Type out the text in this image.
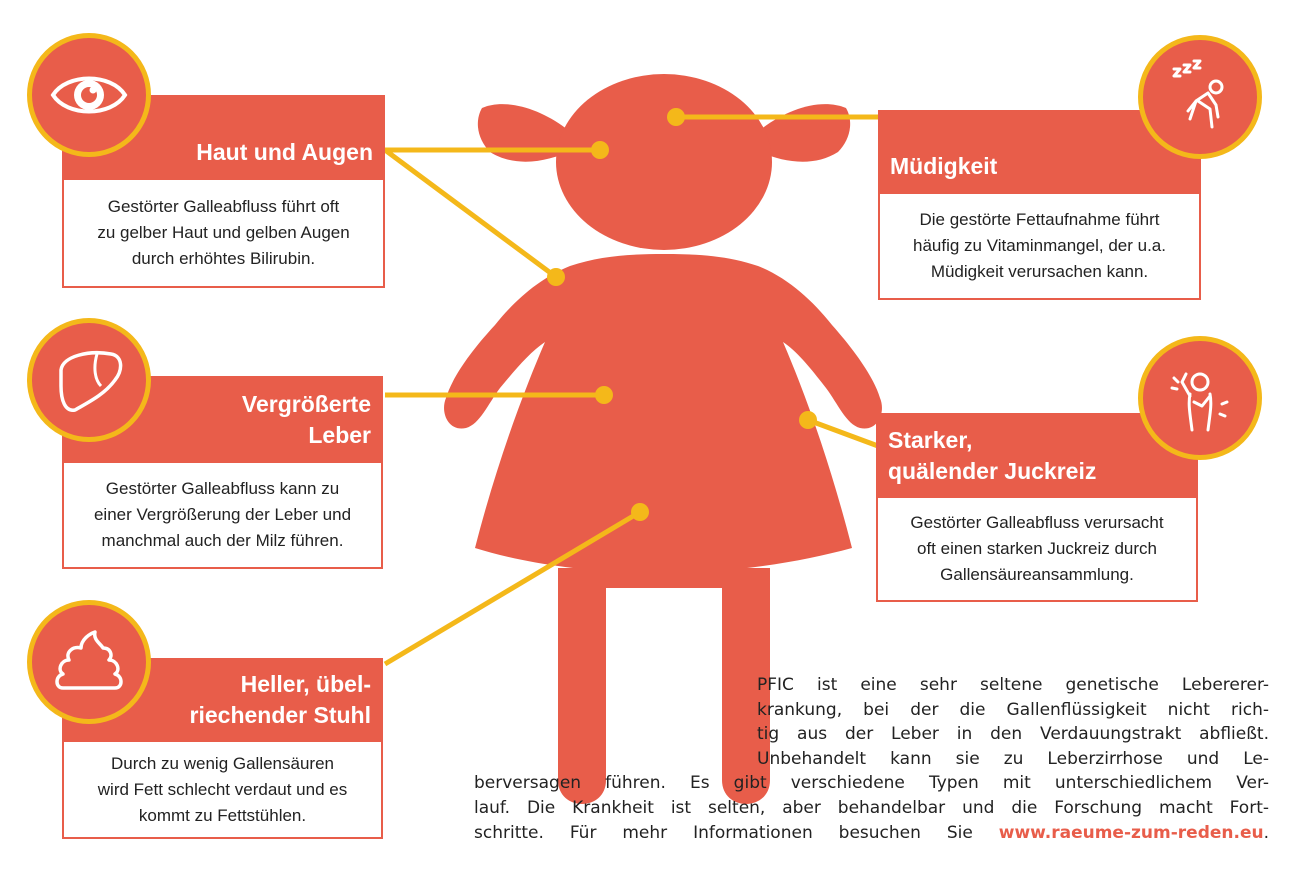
Haut und Augen
Gestörter Galleabfluss führt oft
zu gelber Haut und gelben Augen
durch erhöhtes Bilirubin.
Vergrößerte
Leber
Gestörter Galleabfluss kann zu
einer Vergrößerung der Leber und
manchmal auch der Milz führen.
Heller, übel-
riechender Stuhl
Durch zu wenig Gallensäuren
wird Fett schlecht verdaut und es
kommt zu Fettstühlen.
Müdigkeit
Die gestörte Fettaufnahme führt
häufig zu Vitaminmangel, der u.a.
Müdigkeit verursachen kann.
Starker,
quälender Juckreiz
Gestörter Galleabfluss verursacht
oft einen starken Juckreiz durch
Gallensäureansammlung.
PFIC ist eine sehr seltene genetische Lebererer-
krankung, bei der die Gallenflüssigkeit nicht rich-
tig aus der Leber in den Verdauungstrakt abfließt.
Unbehandelt kann sie zu Leberzirrhose und Le-
berversagen führen. Es gibt verschiedene Typen mit unterschiedlichem Ver-
lauf. Die Krankheit ist selten, aber behandelbar und die Forschung macht Fort-
schritte. Für mehr Informationen besuchen Sie www.raeume-zum-reden.eu.
